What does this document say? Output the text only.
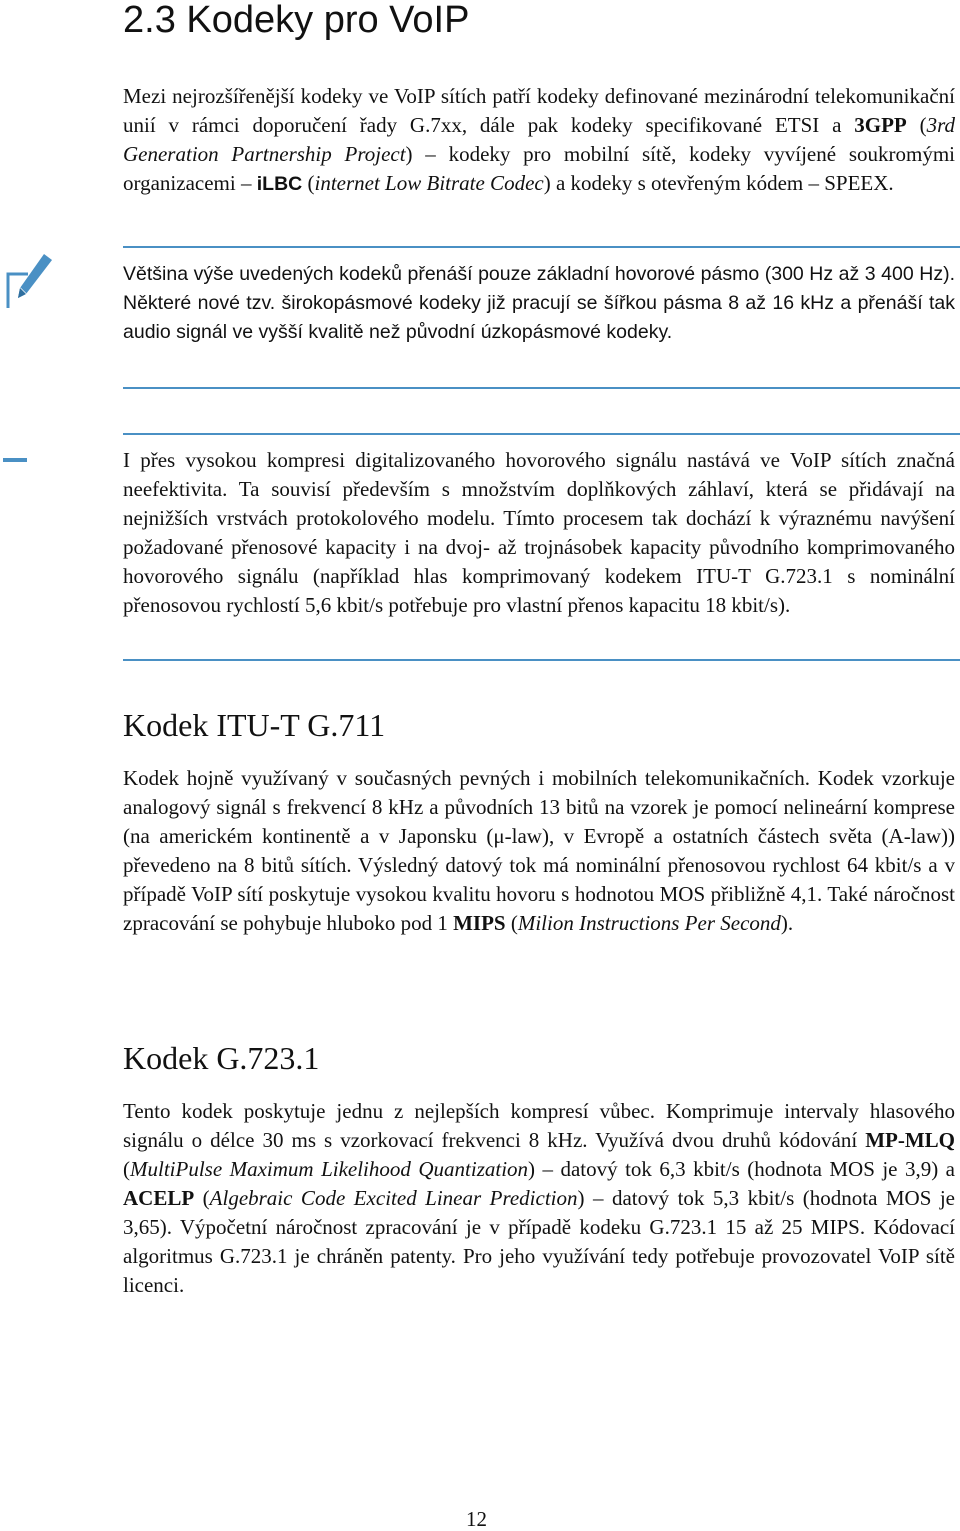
2.3 Kodeky pro VoIP

Mezi nejrozšířenější kodeky ve VoIP sítích patří kodeky definované mezinárodní telekomunikační unií v rámci doporučení řady G.7xx, dále pak kodeky specifikované ETSI a 3GPP (3rd Generation Partnership Project) – kodeky pro mobilní sítě, kodeky vyvíjené soukromými organizacemi – iLBC (internet Low Bitrate Codec) a kodeky s otevřeným kódem – SPEEX.

Většina výše uvedených kodeků přenáší pouze základní hovorové pásmo (300 Hz až 3 400 Hz). Některé nové tzv. širokopásmové kodeky již pracují se šířkou pásma 8 až 16 kHz a přenáší tak audio signál ve vyšší kvalitě než původní úzkopásmové kodeky.

I přes vysokou kompresi digitalizovaného hovorového signálu nastává ve VoIP sítích značná neefektivita. Ta souvisí především s množstvím doplňkových záhlaví, která se přidávají na nejnižších vrstvách protokolového modelu. Tímto procesem tak dochází k výraznému navýšení požadované přenosové kapacity i na dvoj- až trojnásobek kapacity původního komprimovaného hovorového signálu (například hlas komprimovaný kodekem ITU-T G.723.1 s nominální přenosovou rychlostí 5,6 kbit/s potřebuje pro vlastní přenos kapacitu 18 kbit/s).

Kodek ITU-T G.711

Kodek hojně využívaný v současných pevných i mobilních telekomunikačních. Kodek vzorkuje analogový signál s frekvencí 8 kHz a původních 13 bitů na vzorek je pomocí nelineární komprese (na americkém kontinentě a v Japonsku (μ-law), v Evropě a ostatních částech světa (A-law)) převedeno na 8 bitů sítích. Výsledný datový tok má nominální přenosovou rychlost 64 kbit/s a v případě VoIP sítí poskytuje vysokou kvalitu hovoru s hodnotou MOS přibližně 4,1. Také náročnost zpracování se pohybuje hluboko pod 1 MIPS (Milion Instructions Per Second).

Kodek G.723.1

Tento kodek poskytuje jednu z nejlepších kompresí vůbec. Komprimuje intervaly hlasového signálu o délce 30 ms s vzorkovací frekvenci 8 kHz. Využívá dvou druhů kódování MP-MLQ (MultiPulse Maximum Likelihood Quantization) – datový tok 6,3 kbit/s (hodnota MOS je 3,9) a ACELP (Algebraic Code Excited Linear Prediction) – datový tok 5,3 kbit/s (hodnota MOS je 3,65). Výpočetní náročnost zpracování je v případě kodeku G.723.1 15 až 25 MIPS. Kódovací algoritmus G.723.1 je chráněn patenty. Pro jeho využívání tedy potřebuje provozovatel VoIP sítě licenci.

12
